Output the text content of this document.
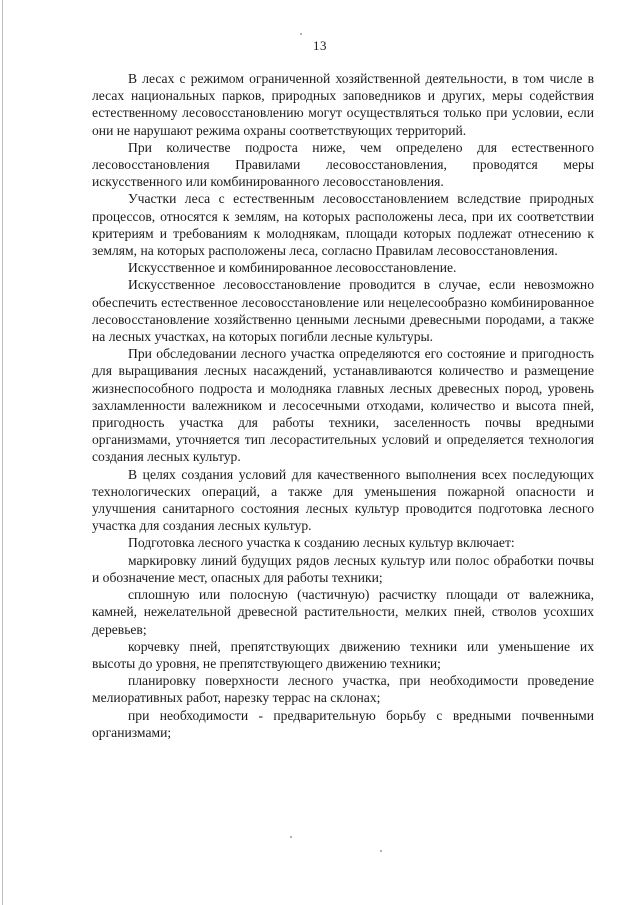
13

В лесах с режимом ограниченной хозяйственной деятельности, в том числе в лесах национальных парков, природных заповедников и других, меры содействия естественному лесовосстановлению могут осуществляться только при условии, если они не нарушают режима охраны соответствующих территорий.

При количестве подроста ниже, чем определено для естественного лесовосстановления Правилами лесовосстановления, проводятся меры искусственного или комбинированного лесовосстановления.

Участки леса с естественным лесовосстановлением вследствие природных процессов, относятся к землям, на которых расположены леса, при их соответствии критериям и требованиям к молоднякам, площади которых подлежат отнесению к землям, на которых расположены леса, согласно Правилам лесовосстановления.

Искусственное и комбинированное лесовосстановление.

Искусственное лесовосстановление проводится в случае, если невозможно обеспечить естественное лесовосстановление или нецелесообразно комбинированное лесовосстановление хозяйственно ценными лесными древесными породами, а также на лесных участках, на которых погибли лесные культуры.

При обследовании лесного участка определяются его состояние и пригодность для выращивания лесных насаждений, устанавливаются количество и размещение жизнеспособного подроста и молодняка главных лесных древесных пород, уровень захламленности валежником и лесосечными отходами, количество и высота пней, пригодность участка для работы техники, заселенность почвы вредными организмами, уточняется тип лесорастительных условий и определяется технология создания лесных культур.

В целях создания условий для качественного выполнения всех последующих технологических операций, а также для уменьшения пожарной опасности и улучшения санитарного состояния лесных культур проводится подготовка лесного участка для создания лесных культур.

Подготовка лесного участка к созданию лесных культур включает:

маркировку линий будущих рядов лесных культур или полос обработки почвы и обозначение мест, опасных для работы техники;

сплошную или полосную (частичную) расчистку площади от валежника, камней, нежелательной древесной растительности, мелких пней, стволов усохших деревьев;

корчевку пней, препятствующих движению техники или уменьшение их высоты до уровня, не препятствующего движению техники;

планировку поверхности лесного участка, при необходимости проведение мелиоративных работ, нарезку террас на склонах;

при необходимости - предварительную борьбу с вредными почвенными организмами;
